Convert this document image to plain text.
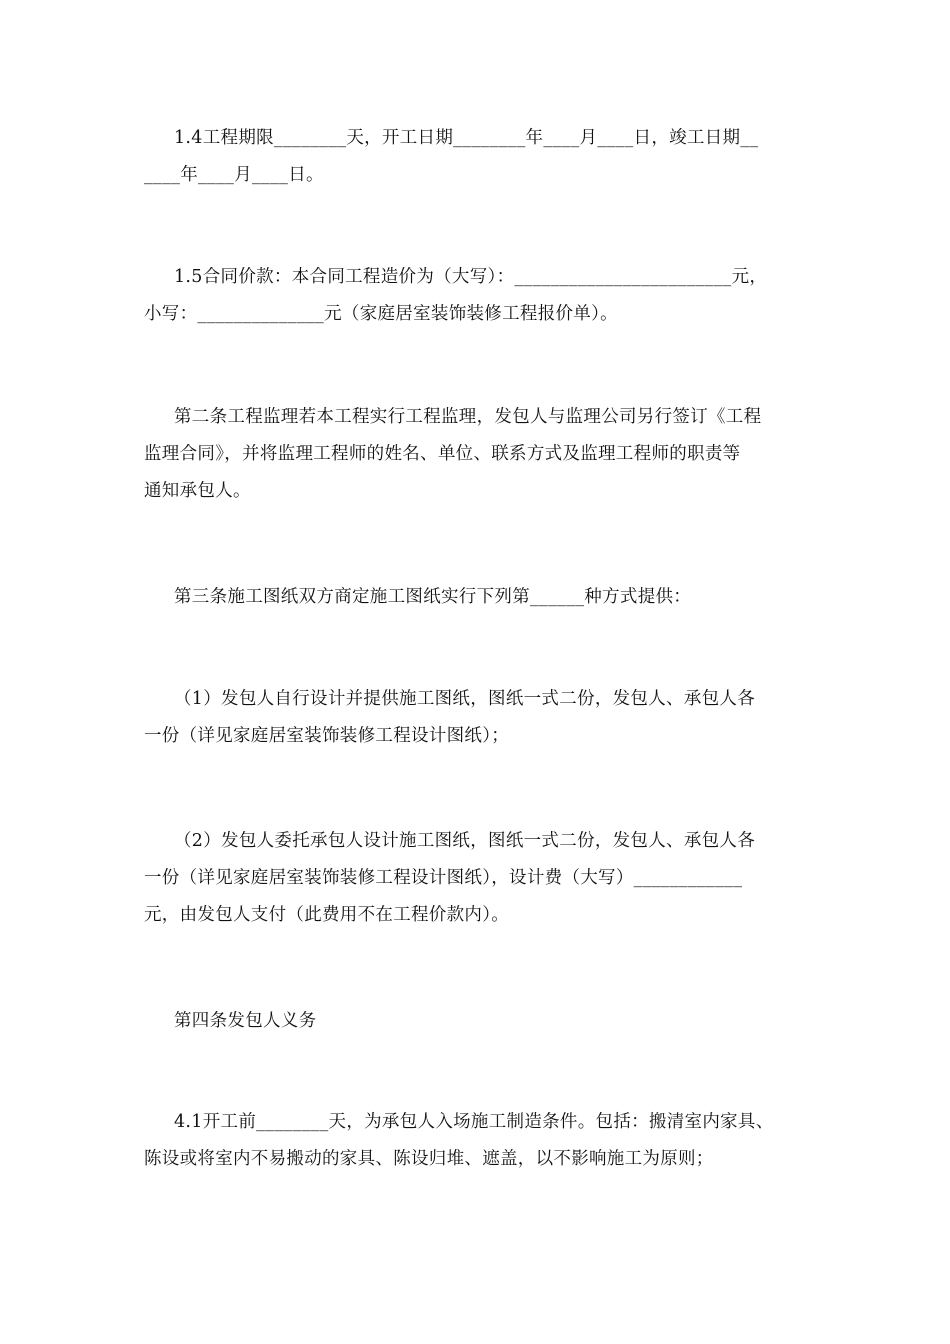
1.4工程期限________天，开工日期________年____月____日，竣工日期__
____年____月____日。
1.5合同价款：本合同工程造价为（大写）：________________________元，
小写：______________元（家庭居室装饰装修工程报价单）。
第二条工程监理若本工程实行工程监理，发包人与监理公司另行签订《工程
监理合同》，并将监理工程师的姓名、单位、联系方式及监理工程师的职责等
通知承包人。
第三条施工图纸双方商定施工图纸实行下列第______种方式提供：
（1）发包人自行设计并提供施工图纸，图纸一式二份，发包人、承包人各
一份（详见家庭居室装饰装修工程设计图纸）；
（2）发包人委托承包人设计施工图纸，图纸一式二份，发包人、承包人各
一份（详见家庭居室装饰装修工程设计图纸），设计费（大写）____________
元，由发包人支付（此费用不在工程价款内）。
第四条发包人义务
4.1开工前________天，为承包人入场施工制造条件。包括：搬清室内家具、
陈设或将室内不易搬动的家具、陈设归堆、遮盖，以不影响施工为原则；
